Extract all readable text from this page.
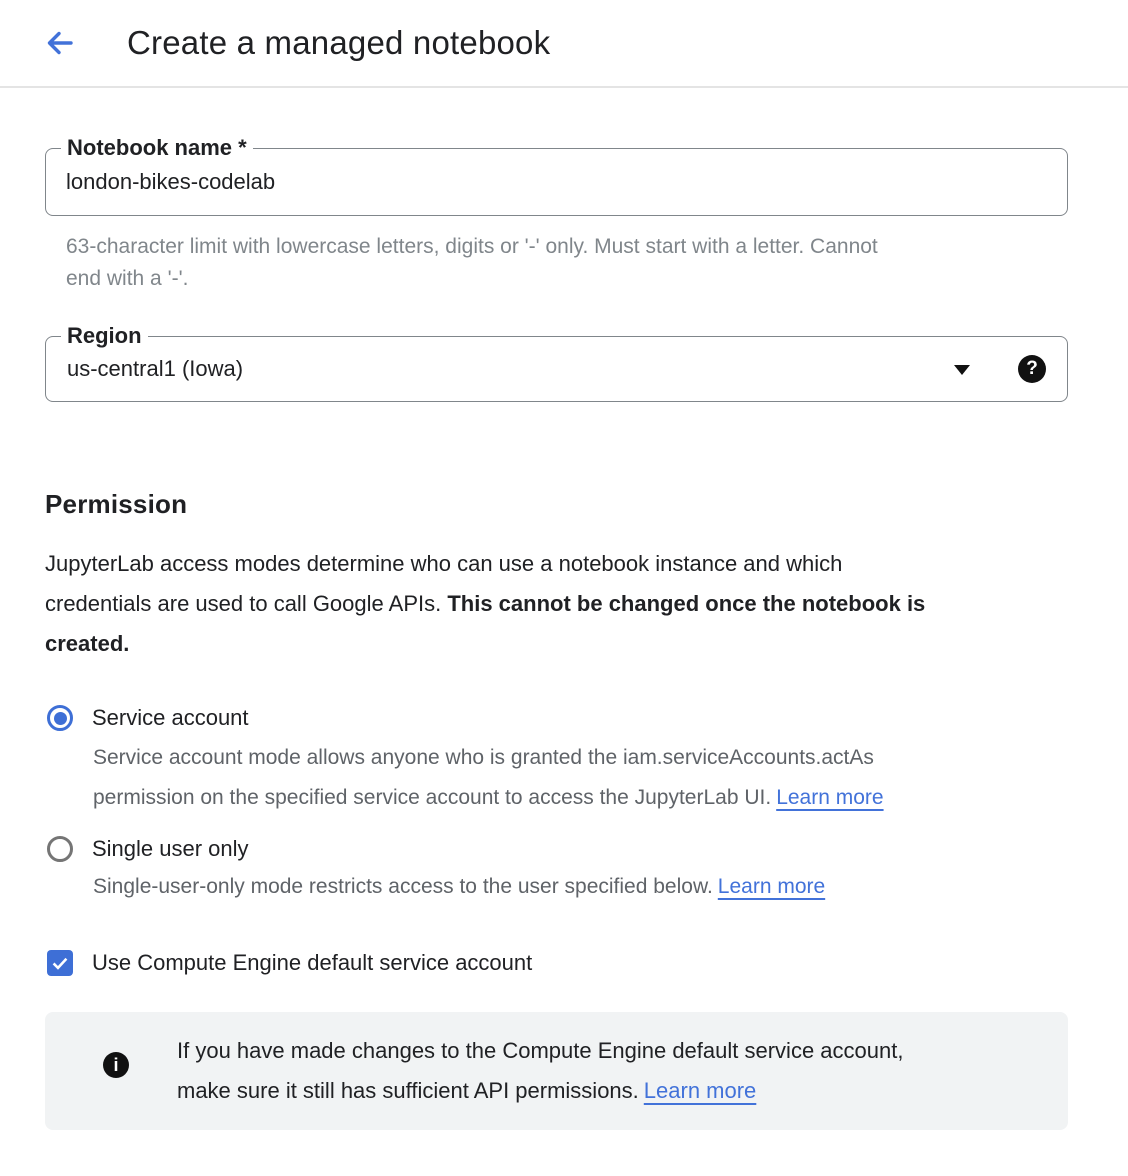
Create a managed notebook
Notebook name *
london-bikes-codelab
63-character limit with lowercase letters, digits or '-' only. Must start with a letter. Cannot
end with a '-'.
Region
us-central1 (Iowa)	?
Permission
JupyterLab access modes determine who can use a notebook instance and which
credentials are used to call Google APIs. This cannot be changed once the notebook is
created.
Service account
Service account mode allows anyone who is granted the iam.serviceAccounts.actAs
permission on the specified service account to access the JupyterLab UI. Learn more
Single user only
Single-user-only mode restricts access to the user specified below. Learn more
Use Compute Engine default service account
i
If you have made changes to the Compute Engine default service account,
make sure it still has sufficient API permissions. Learn more
